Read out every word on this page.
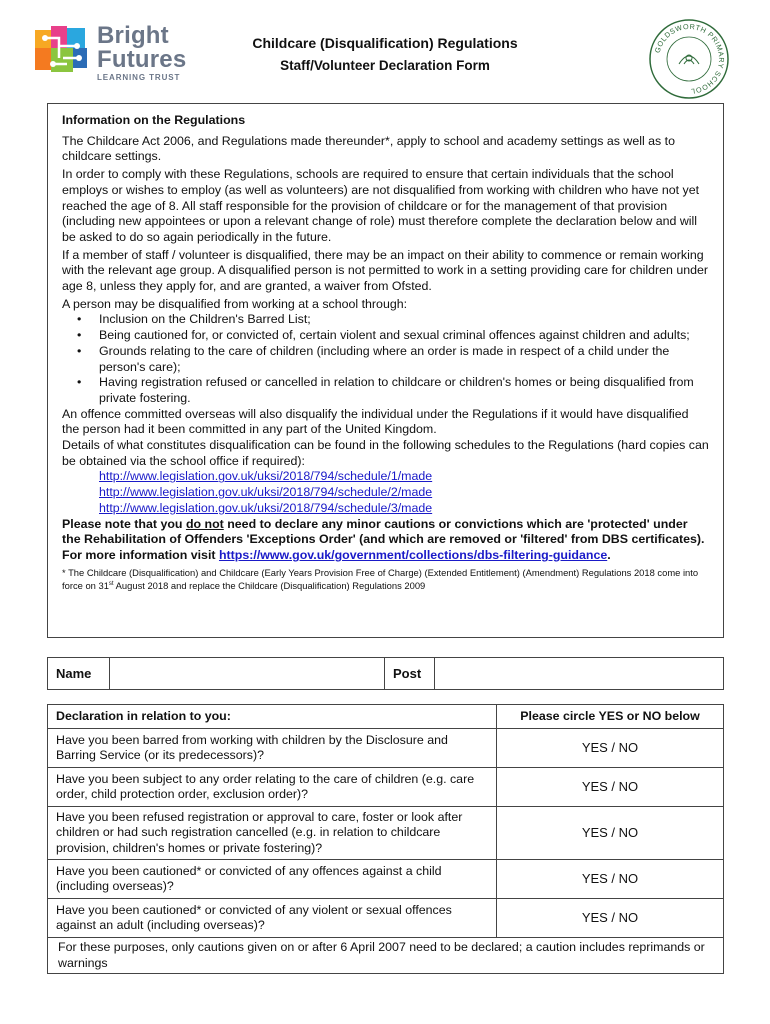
Bright
Futures
LEARNING TRUST
Childcare (Disqualification) Regulations
Staff/Volunteer Declaration Form
GOLDSWORTH PRIMARY SCHOOL

Information on the Regulations

The Childcare Act 2006, and Regulations made thereunder*, apply to school and academy settings as well as to childcare settings.

In order to comply with these Regulations, schools are required to ensure that certain individuals that the school employs or wishes to employ (as well as volunteers) are not disqualified from working with children who have not yet reached the age of 8. All staff responsible for the provision of childcare or for the management of that provision (including new appointees or upon a relevant change of role) must therefore complete the declaration below and will be asked to do so again periodically in the future.

If a member of staff / volunteer is disqualified, there may be an impact on their ability to commence or remain working with the relevant age group. A disqualified person is not permitted to work in a setting providing care for children under age 8, unless they apply for, and are granted, a waiver from Ofsted.

A person may be disqualified from working at a school through:

• Inclusion on the Children's Barred List;
• Being cautioned for, or convicted of, certain violent and sexual criminal offences against children and adults;
• Grounds relating to the care of children (including where an order is made in respect of a child under the person's care);
• Having registration refused or cancelled in relation to childcare or children's homes or being disqualified from private fostering.

An offence committed overseas will also disqualify the individual under the Regulations if it would have disqualified the person had it been committed in any part of the United Kingdom.

Details of what constitutes disqualification can be found in the following schedules to the Regulations (hard copies can be obtained via the school office if required):

http://www.legislation.gov.uk/uksi/2018/794/schedule/1/made
http://www.legislation.gov.uk/uksi/2018/794/schedule/2/made
http://www.legislation.gov.uk/uksi/2018/794/schedule/3/made

Please note that you do not need to declare any minor cautions or convictions which are 'protected' under the Rehabilitation of Offenders 'Exceptions Order' (and which are removed or 'filtered' from DBS certificates). For more information visit https://www.gov.uk/government/collections/dbs-filtering-guidance.

* The Childcare (Disqualification) and Childcare (Early Years Provision Free of Charge) (Extended Entitlement) (Amendment) Regulations 2018 come into force on 31st August 2018 and replace the Childcare (Disqualification) Regulations 2009

Name		Post	
Declaration in relation to you:	Please circle YES or NO below
Have you been barred from working with children by the Disclosure and Barring Service (or its predecessors)?	YES / NO
Have you been subject to any order relating to the care of children (e.g. care order, child protection order, exclusion order)?	YES / NO
Have you been refused registration or approval to care, foster or look after children or had such registration cancelled (e.g. in relation to childcare provision, children's homes or private fostering)?	YES / NO
Have you been cautioned* or convicted of any offences against a child (including overseas)?	YES / NO
Have you been cautioned* or convicted of any violent or sexual offences against an adult (including overseas)?	YES / NO
For these purposes, only cautions given on or after 6 April 2007 need to be declared; a caution includes reprimands or warnings	
